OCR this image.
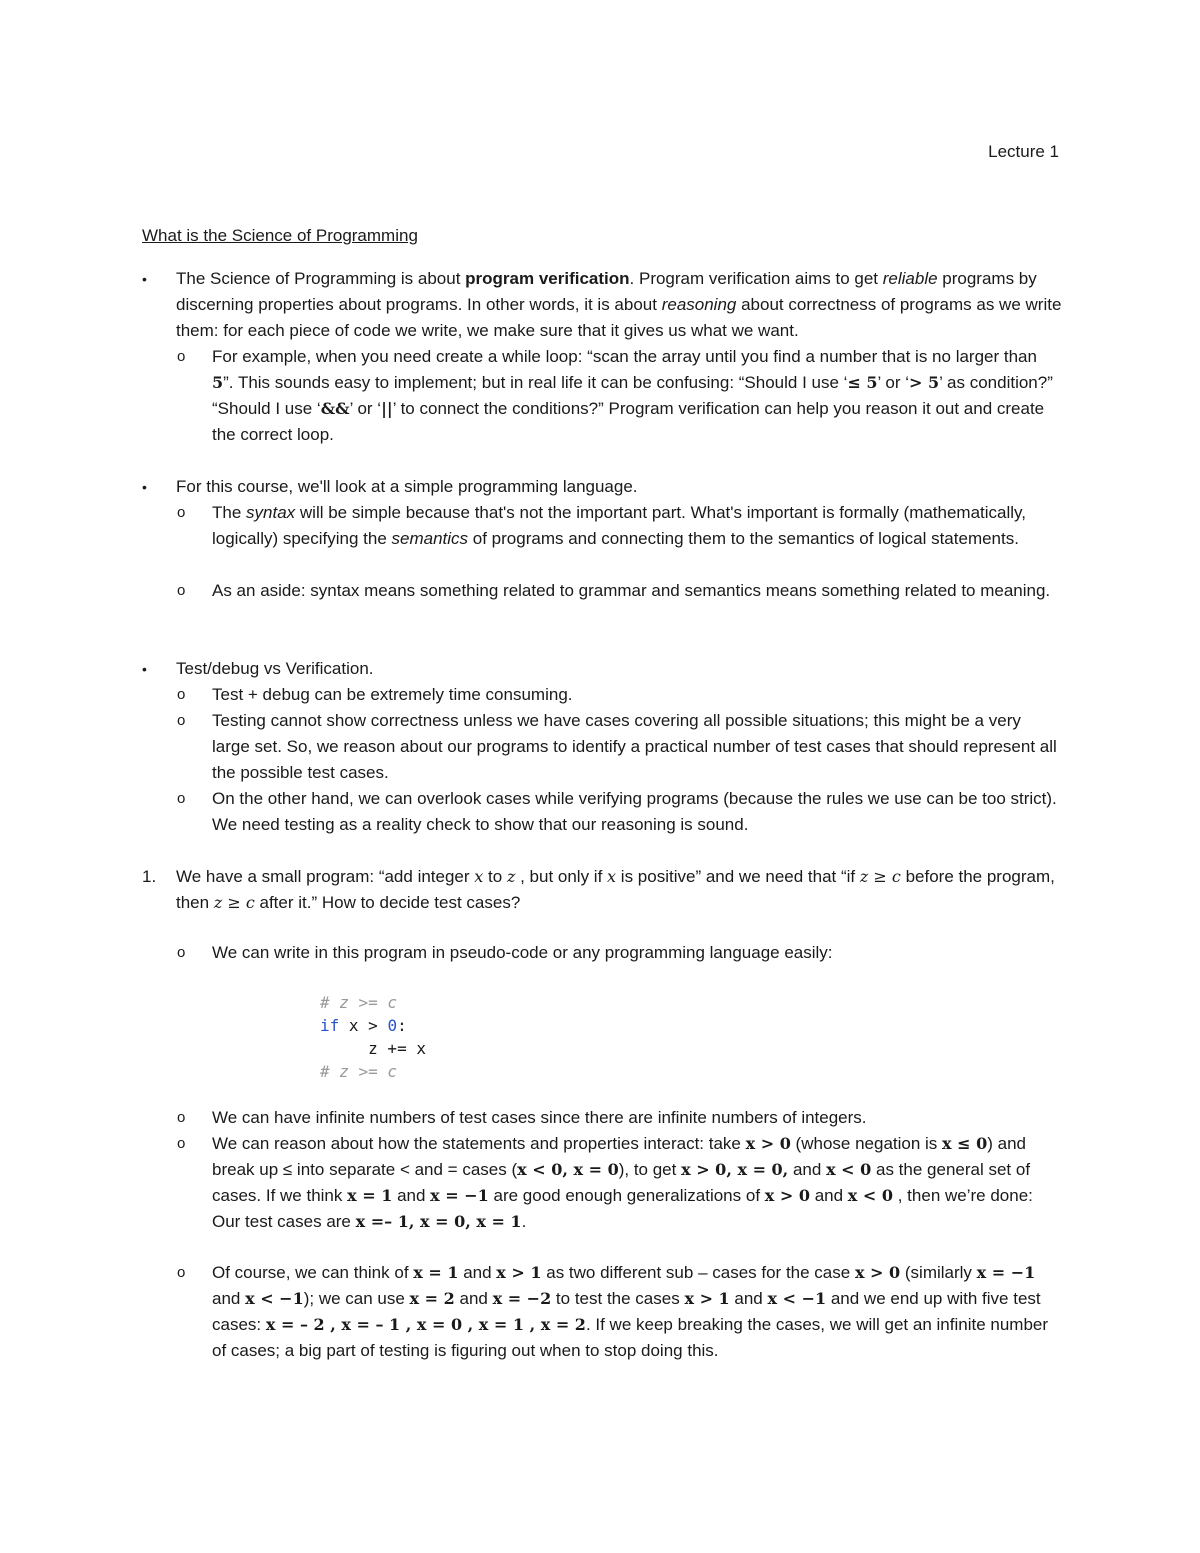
Lecture 1
What is the Science of Programming
• The Science of Programming is about program verification. Program verification aims to get reliable programs by discerning properties about programs. In other words, it is about reasoning about correctness of programs as we write them: for each piece of code we write, we make sure that it gives us what we want.
o For example, when you need create a while loop: “scan the array until you find a number that is no larger than 5”. This sounds easy to implement; but in real life it can be confusing: “Should I use ‘≤ 5’ or ‘> 5’ as condition?” “Should I use ‘&&’ or ‘||’ to connect the conditions?” Program verification can help you reason it out and create the correct loop.
• For this course, we'll look at a simple programming language.
o The syntax will be simple because that's not the important part. What's important is formally (mathematically, logically) specifying the semantics of programs and connecting them to the semantics of logical statements.
o As an aside: syntax means something related to grammar and semantics means something related to meaning.
• Test/debug vs Verification.
o Test + debug can be extremely time consuming.
o Testing cannot show correctness unless we have cases covering all possible situations; this might be a very large set. So, we reason about our programs to identify a practical number of test cases that should represent all the possible test cases.
o On the other hand, we can overlook cases while verifying programs (because the rules we use can be too strict). We need testing as a reality check to show that our reasoning is sound.
1. We have a small program: “add integer x to z , but only if x is positive” and we need that “if z ≥ c before the program, then z ≥ c after it.” How to decide test cases?
o We can write in this program in pseudo-code or any programming language easily:
# z >= c
if x > 0:
z += x
# z >= c
o We can have infinite numbers of test cases since there are infinite numbers of integers.
o We can reason about how the statements and properties interact: take x > 0 (whose negation is x ≤ 0) and break up ≤ into separate < and = cases (x < 0, x = 0), to get x > 0, x = 0, and x < 0 as the general set of cases. If we think x = 1 and x = −1 are good enough generalizations of x > 0 and x < 0 , then we’re done: Our test cases are x =– 1, x = 0, x = 1.
o Of course, we can think of x = 1 and x > 1 as two different sub – cases for the case x > 0 (similarly x = −1 and x < −1); we can use x = 2 and x = −2 to test the cases x > 1 and x < −1 and we end up with five test cases: x = – 2 , x = – 1 , x = 0 , x = 1 , x = 2. If we keep breaking the cases, we will get an infinite number of cases; a big part of testing is figuring out when to stop doing this.
